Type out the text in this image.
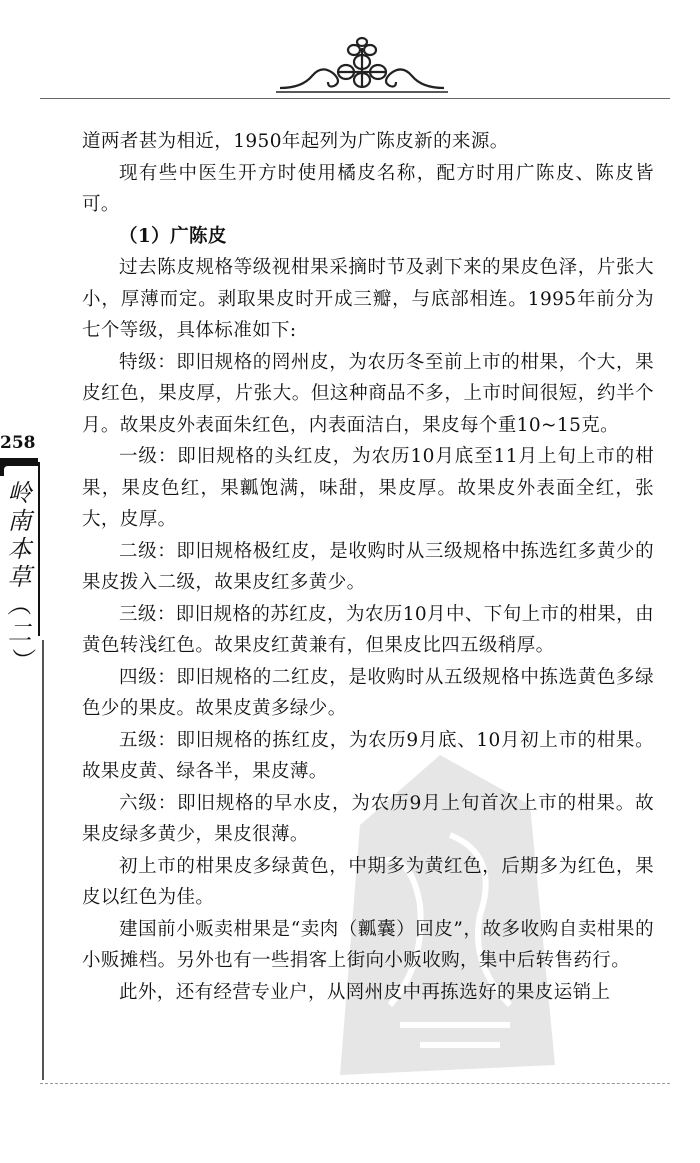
258
岭南本草（二）

道两者甚为相近，1950年起列为广陈皮新的来源。

现有些中医生开方时使用橘皮名称，配方时用广陈皮、陈皮皆可。

（1）广陈皮

过去陈皮规格等级视柑果采摘时节及剥下来的果皮色泽，片张大小，厚薄而定。剥取果皮时开成三瓣，与底部相连。1995年前分为七个等级，具体标准如下:

特级：即旧规格的罔州皮，为农历冬至前上市的柑果，个大，果皮红色，果皮厚，片张大。但这种商品不多，上市时间很短，约半个月。故果皮外表面朱红色，内表面洁白，果皮每个重10~15克。

一级：即旧规格的头红皮，为农历10月底至11月上旬上市的柑果，果皮色红，果瓤饱满，味甜，果皮厚。故果皮外表面全红，张大，皮厚。

二级：即旧规格极红皮，是收购时从三级规格中拣选红多黄少的果皮拨入二级，故果皮红多黄少。

三级：即旧规格的苏红皮，为农历10月中、下旬上市的柑果，由黄色转浅红色。故果皮红黄兼有，但果皮比四五级稍厚。

四级：即旧规格的二红皮，是收购时从五级规格中拣选黄色多绿色少的果皮。故果皮黄多绿少。

五级：即旧规格的拣红皮，为农历9月底、10月初上市的柑果。故果皮黄、绿各半，果皮薄。

六级：即旧规格的早水皮，为农历9月上旬首次上市的柑果。故果皮绿多黄少，果皮很薄。

初上市的柑果皮多绿黄色，中期多为黄红色，后期多为红色，果皮以红色为佳。

建国前小贩卖柑果是“卖肉（瓤囊）回皮”，故多收购自卖柑果的小贩摊档。另外也有一些捐客上街向小贩收购，集中后转售药行。

此外，还有经营专业户，从罔州皮中再拣选好的果皮运销上
